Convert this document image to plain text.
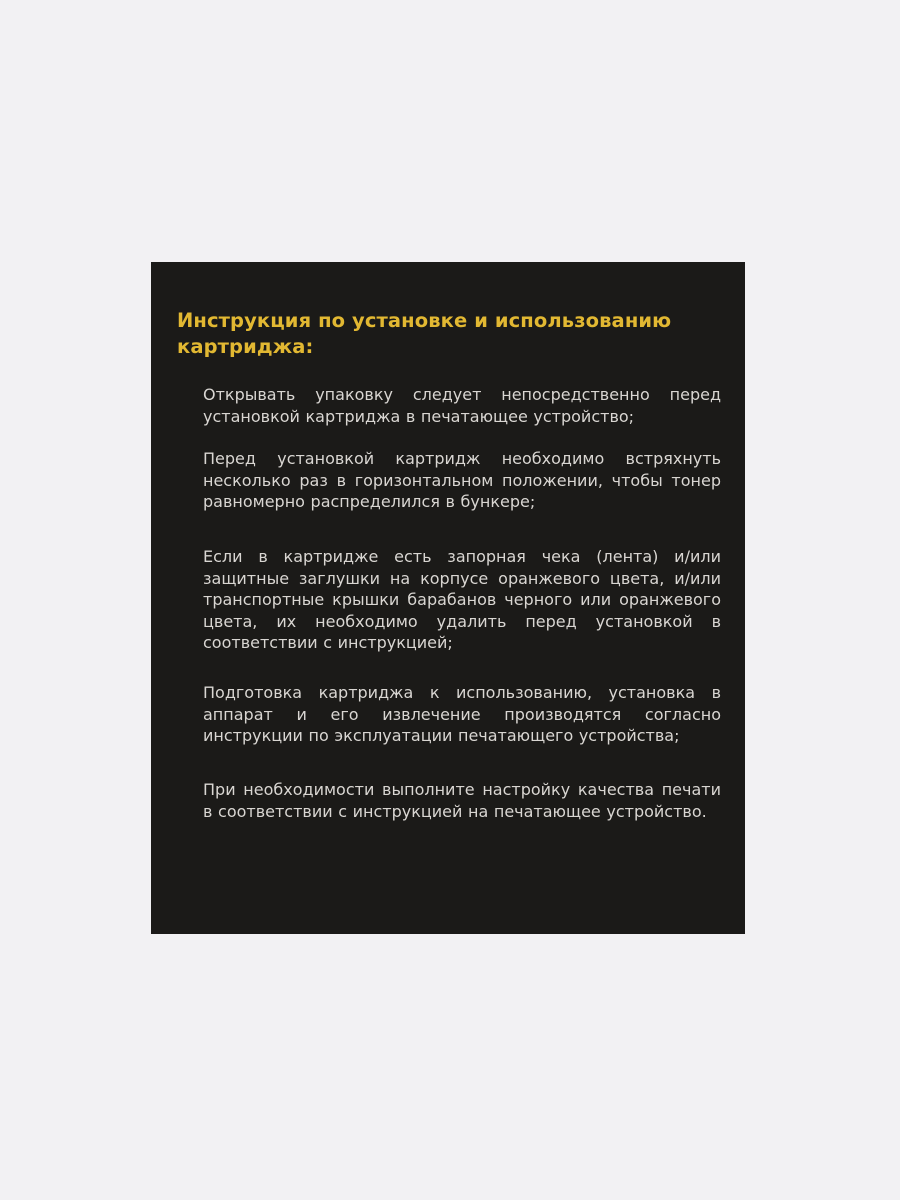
Инструкция по установке и использованию картриджа:

Открывать упаковку следует непосредственно перед установкой картриджа в печатающее устройство;

Перед установкой картридж необходимо встряхнуть несколько раз в горизонтальном положении, чтобы тонер равномерно распределился в бункере;

Если в картридже есть запорная чека (лента) и/или защитные заглушки на корпусе оранжевого цвета, и/или транспортные крышки барабанов черного или оранжевого цвета, их необходимо удалить перед установкой в соответствии с инструкцией;

Подготовка картриджа к использованию, установка в аппарат и его извлечение производятся согласно инструкции по эксплуатации печатающего устройства;

При необходимости выполните настройку качества печати в соответствии с инструкцией на печатающее устройство.
